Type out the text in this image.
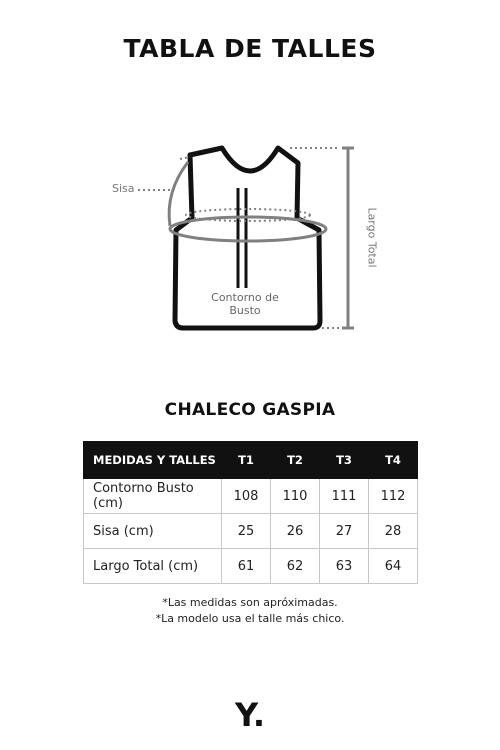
TABLA DE TALLES
Sisa
Contorno de Busto
Largo Total
CHALECO GASPIA
MEDIDAS Y TALLES	T1	T2	T3	T4
Contorno Busto (cm)	108	110	111	112
Sisa (cm)	25	26	27	28
Largo Total (cm)	61	62	63	64
*Las medidas son apróximadas.
*La modelo usa el talle más chico.
Y.
